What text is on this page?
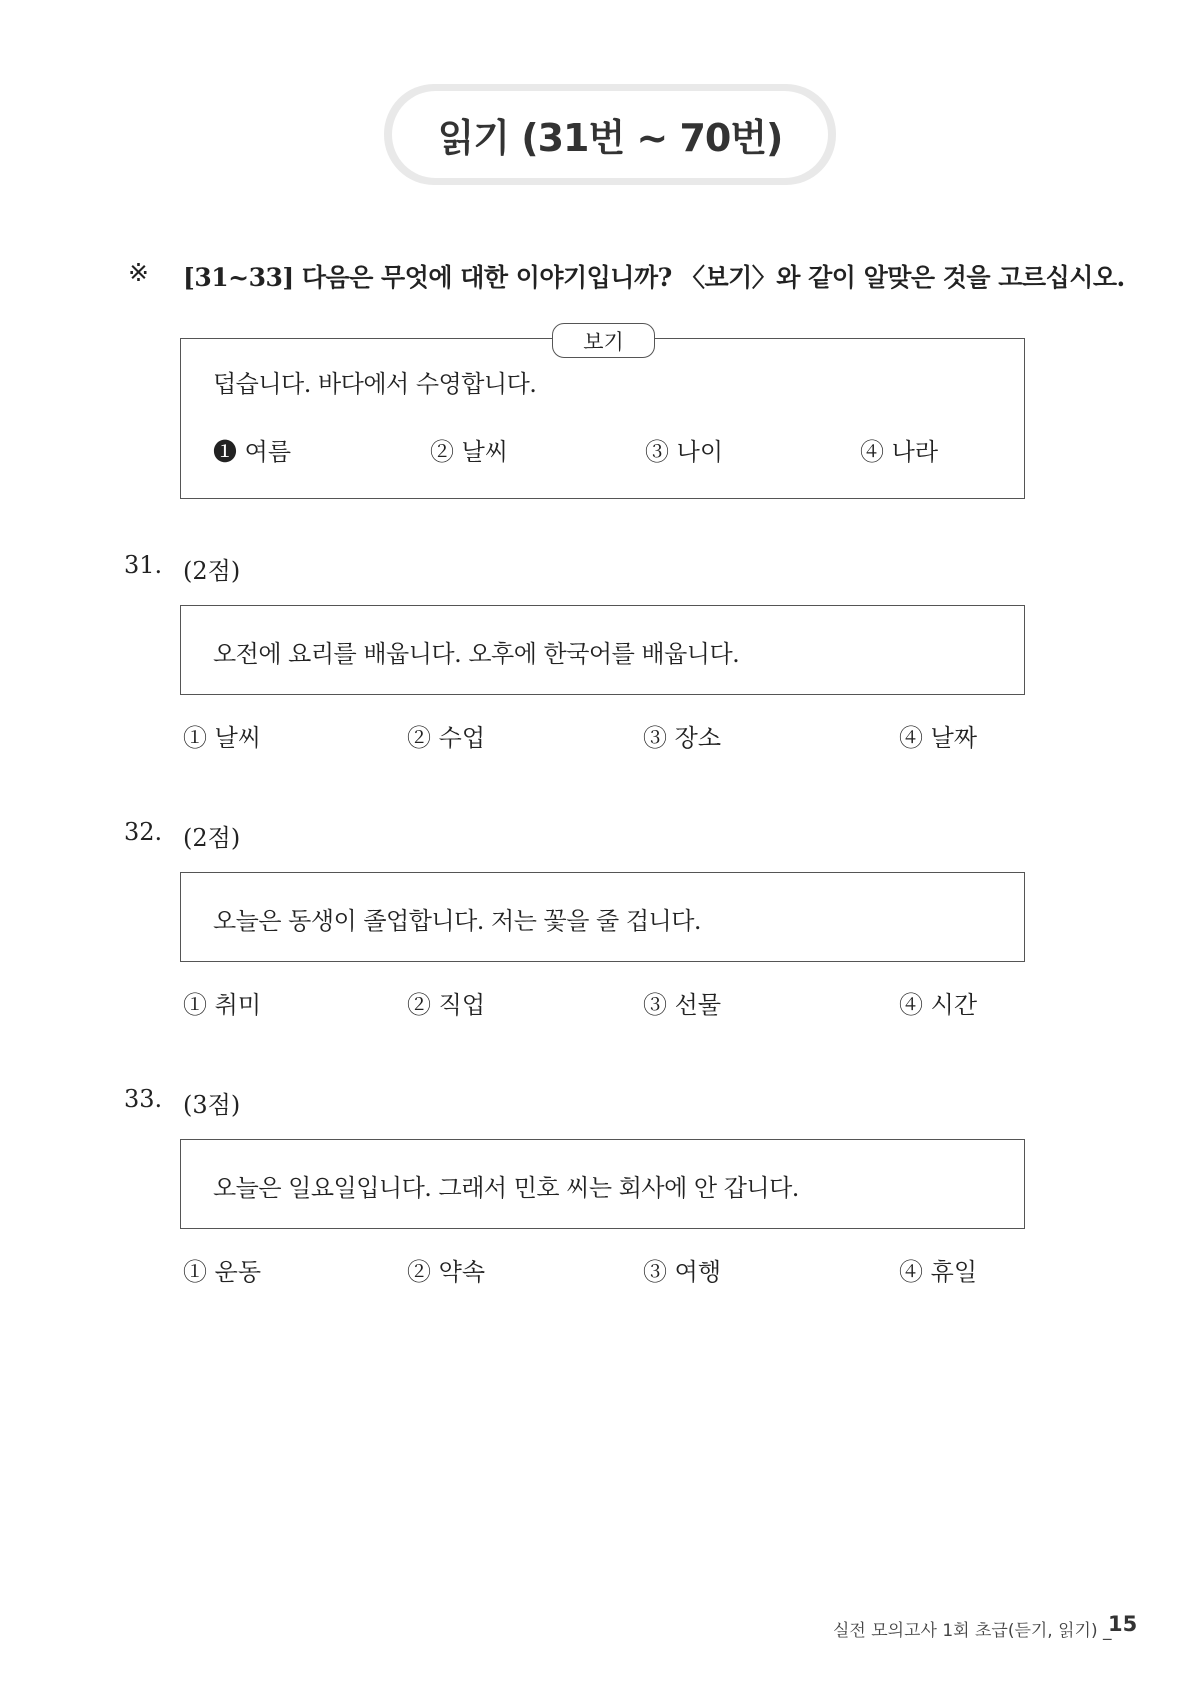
읽기 (31번 ~ 70번)
※ [31~33] 다음은 무엇에 대한 이야기입니까? 〈보기〉와 같이 알맞은 것을 고르십시오.
보기
덥습니다. 바다에서 수영합니다.
❶ 여름	② 날씨	③ 나이	④ 나라
31. (2점)
오전에 요리를 배웁니다. 오후에 한국어를 배웁니다.
① 날씨	② 수업	③ 장소	④ 날짜
32. (2점)
오늘은 동생이 졸업합니다. 저는 꽃을 줄 겁니다.
① 취미	② 직업	③ 선물	④ 시간
33. (3점)
오늘은 일요일입니다. 그래서 민호 씨는 회사에 안 갑니다.
① 운동	② 약속	③ 여행	④ 휴일
실전 모의고사 1회 초급(듣기, 읽기) _
15
